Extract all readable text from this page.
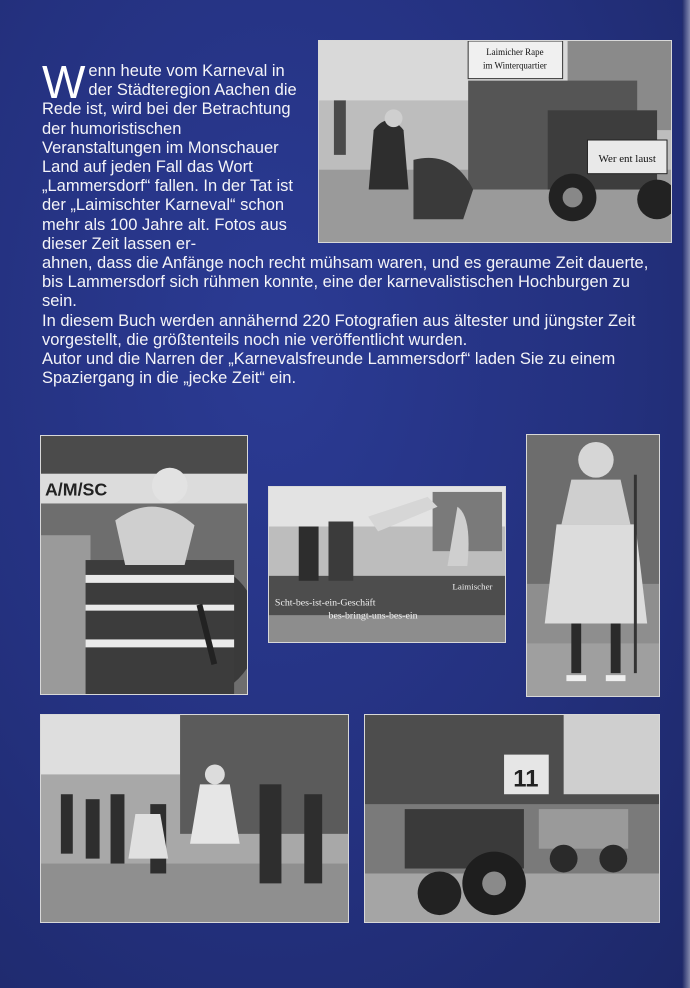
Laimicher Rape
im Winterquartier
Wer ent laust
Wenn heute vom Karneval in der Städteregion Aachen die Rede ist, wird bei der Betrachtung der humoristischen Veranstaltungen im Monschauer Land auf jeden Fall das Wort „Lammersdorf“ fallen. In der Tat ist der „Laimischter Karneval“ schon mehr als 100 Jahre alt. Fotos aus dieser Zeit lassen er-

ahnen, dass die Anfänge noch recht mühsam waren, und es geraume Zeit dauerte, bis Lammersdorf sich rühmen konnte, eine der karnevalistischen Hochburgen zu sein.

In diesem Buch werden annähernd 220 Fotografien aus ältester und jüngster Zeit vorgestellt, die größtenteils noch nie veröffentlicht wurden.

Autor und die Narren der „Karnevalsfreunde Lammersdorf“ laden Sie zu einem Spaziergang in die „jecke Zeit“ ein.

A/M/SC
Scht-bes-ist-ein-Geschäft
bes-bringt-uns-bes-ein
Laimischer
11
